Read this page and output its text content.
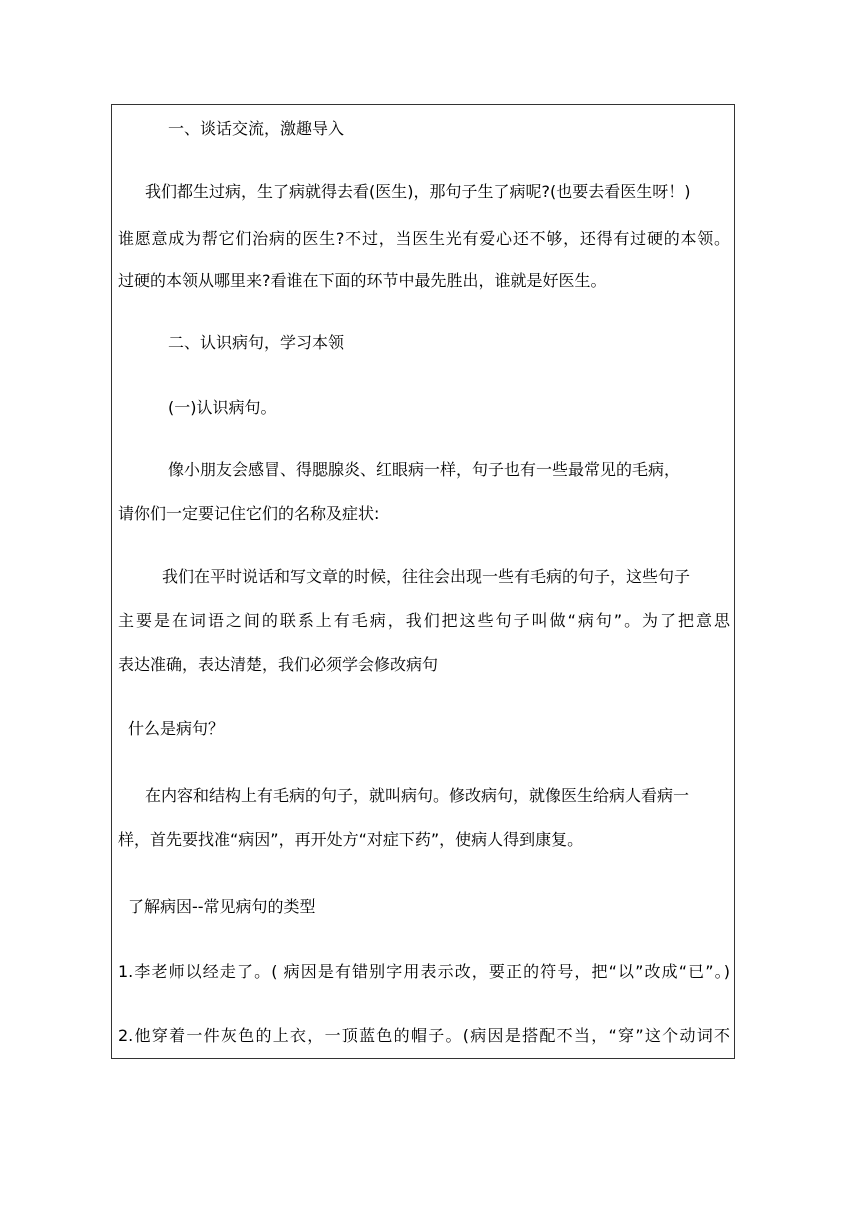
一、谈话交流，激趣导入
我们都生过病，生了病就得去看(医生)，那句子生了病呢?(也要去看医生呀！)
谁愿意成为帮它们治病的医生?不过，当医生光有爱心还不够，还得有过硬的本领。
过硬的本领从哪里来?看谁在下面的环节中最先胜出，谁就是好医生。
二、认识病句，学习本领
(一)认识病句。
像小朋友会感冒、得腮腺炎、红眼病一样，句子也有一些最常见的毛病，
请你们一定要记住它们的名称及症状:
我们在平时说话和写文章的时候，往往会出现一些有毛病的句子，这些句子
主要是在词语之间的联系上有毛病，我们把这些句子叫做“病句”。为了把意思
表达准确，表达清楚，我们必须学会修改病句
什么是病句？
在内容和结构上有毛病的句子，就叫病句。修改病句，就像医生给病人看病一
样，首先要找准“病因”，再开处方“对症下药”，使病人得到康复。
了解病因--常见病句的类型
1.李老师以经走了。( 病因是有错别字用表示改，要正的符号，把“以”改成“已”。)
2.他穿着一件灰色的上衣，一顶蓝色的帽子。(病因是搭配不当，“穿”这个动词不
